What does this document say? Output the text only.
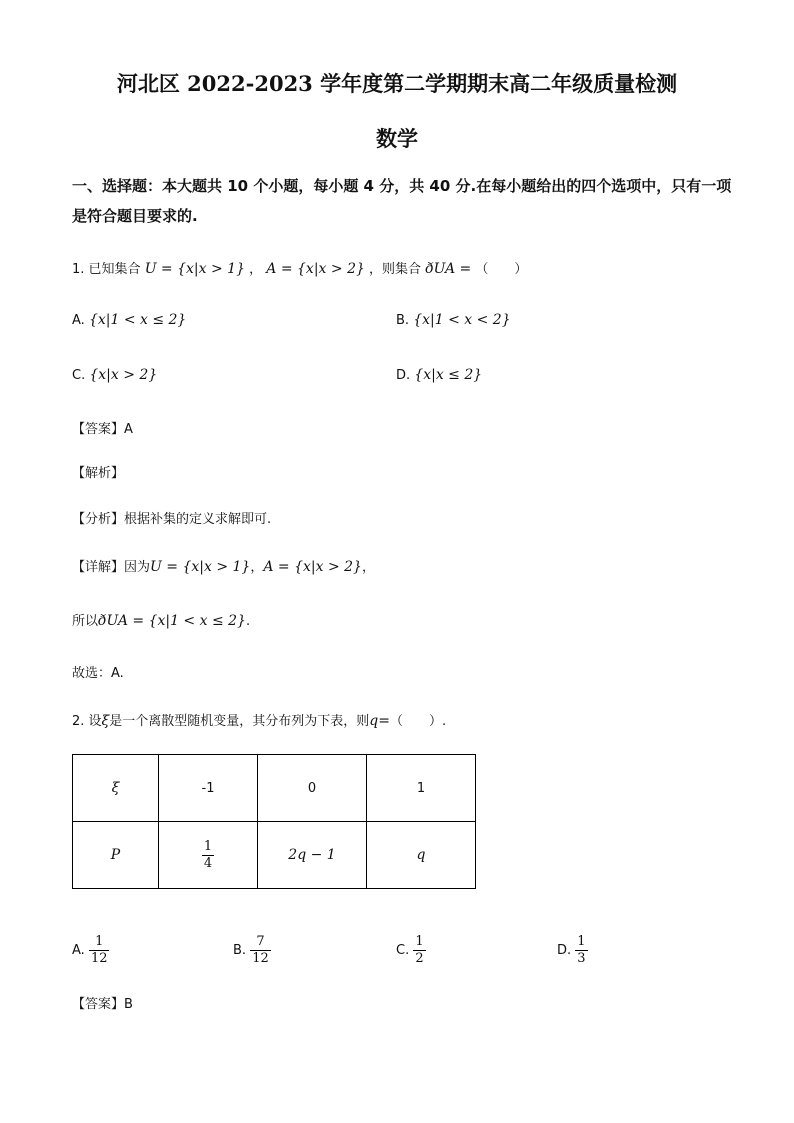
河北区 2022-2023 学年度第二学期期末高二年级质量检测
数学
一、选择题：本大题共 10 个小题，每小题 4 分，共 40 分.在每小题给出的四个选项中，只有一项是符合题目要求的.
1. 已知集合 U = {x|x > 1} ， A = {x|x > 2} ，则集合 ðUA = （　　）
A. {x|1 < x ≤ 2}	B. {x|1 < x < 2}
C. {x|x > 2}	D. {x|x ≤ 2}
【答案】A
【解析】
【分析】根据补集的定义求解即可.
【详解】因为U = {x|x > 1}，A = {x|x > 2}，
所以ðUA = {x|1 < x ≤ 2}.
故选：A.
2. 设ξ是一个离散型随机变量，其分布列为下表，则q=（　　）.
ξ	-1	0	1
P	$\frac{1}{4}$	2q − 1	q
A. $\frac{1}{12}$	B. $\frac{7}{12}$	C. $\frac{1}{2}$	D. $\frac{1}{3}$
【答案】B
